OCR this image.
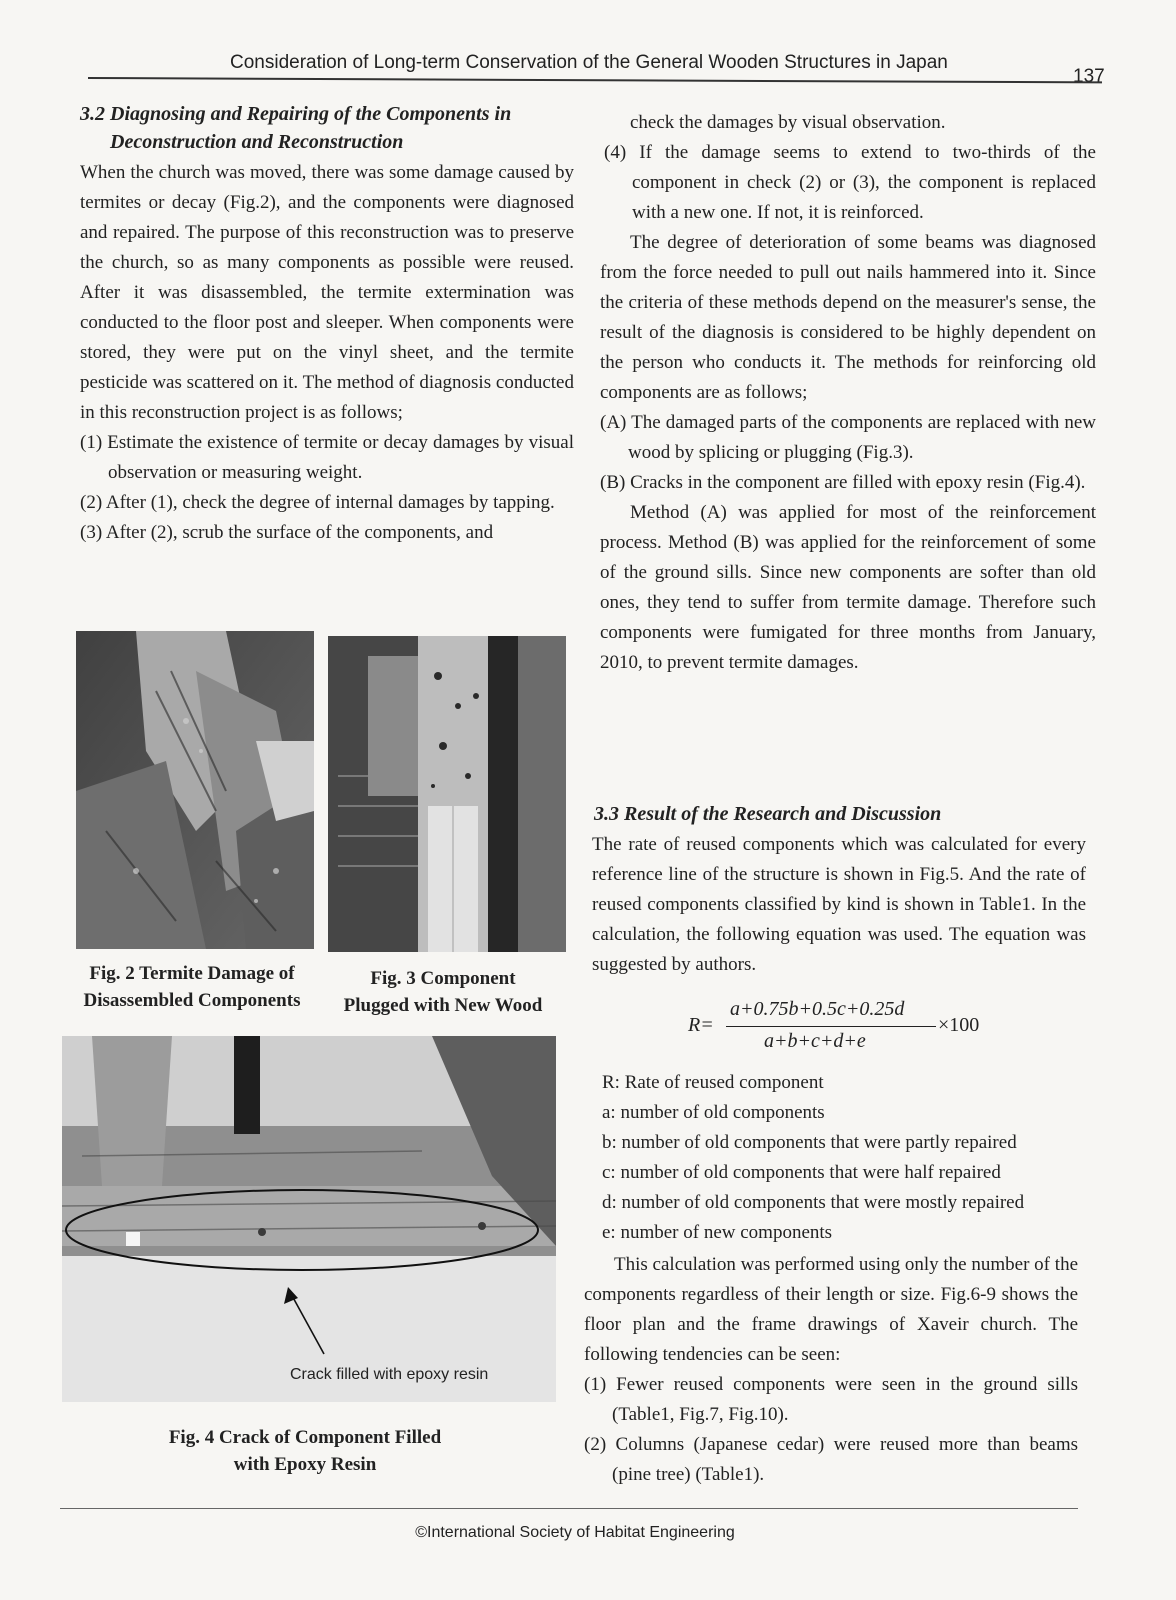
Consideration of Long-term Conservation of the General Wooden Structures in Japan
137
3.2 Diagnosing and Repairing of the Components in
Deconstruction and Reconstruction

When the church was moved, there was some damage caused by termites or decay (Fig.2), and the components were diagnosed and repaired. The purpose of this reconstruction was to preserve the church, so as many components as possible were reused. After it was disassembled, the termite extermination was conducted to the floor post and sleeper. When components were stored, they were put on the vinyl sheet, and the termite pesticide was scattered on it. The method of diagnosis conducted in this reconstruction project is as follows;

(1) Estimate the existence of termite or decay damages by visual observation or measuring weight.

(2) After (1), check the degree of internal damages by tapping.

(3) After (2), scrub the surface of the components, and

Fig. 2 Termite Damage of
Disassembled Components
Fig. 3 Component
Plugged with New Wood
Crack filled with epoxy resin
Fig. 4 Crack of Component Filled
with Epoxy Resin

check the damages by visual observation.

(4) If the damage seems to extend to two-thirds of the component in check (2) or (3), the component is replaced with a new one. If not, it is reinforced.

The degree of deterioration of some beams was diagnosed from the force needed to pull out nails hammered into it. Since the criteria of these methods depend on the measurer's sense, the result of the diagnosis is considered to be highly dependent on the person who conducts it. The methods for reinforcing old components are as follows;

(A) The damaged parts of the components are replaced with new wood by splicing or plugging (Fig.3).

(B) Cracks in the component are filled with epoxy resin (Fig.4).

Method (A) was applied for most of the reinforcement process. Method (B) was applied for the reinforcement of some of the ground sills. Since new components are softer than old ones, they tend to suffer from termite damage. Therefore such components were fumigated for three months from January, 2010, to prevent termite damages.

3.3 Result of the Research and Discussion

The rate of reused components which was calculated for every reference line of the structure is shown in Fig.5. And the rate of reused components classified by kind is shown in Table1. In the calculation, the following equation was used. The equation was suggested by authors.

R=
a+0.75b+0.5c+0.25d
a+b+c+d+e
×100

R: Rate of reused component

a: number of old components

b: number of old components that were partly repaired

c: number of old components that were half repaired

d: number of old components that were mostly repaired

e: number of new components

This calculation was performed using only the number of the components regardless of their length or size. Fig.6-9 shows the floor plan and the frame drawings of Xaveir church. The following tendencies can be seen:

(1) Fewer reused components were seen in the ground sills (Table1, Fig.7, Fig.10).

(2) Columns (Japanese cedar) were reused more than beams (pine tree) (Table1).

©International Society of Habitat Engineering
